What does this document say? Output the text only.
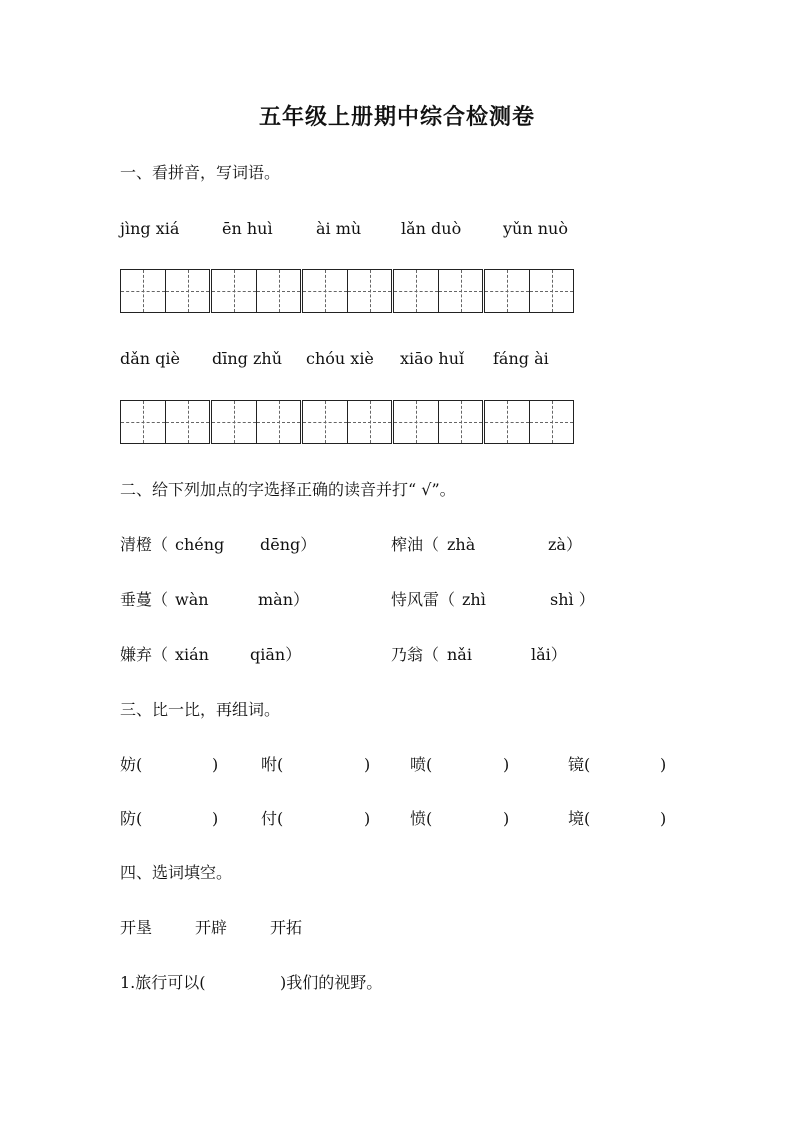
五年级上册期中综合检测卷
一、看拼音，写词语。
jìng xiá	ēn huì	ài mù lǎn duò	yǔn nuò
dǎn qiè dīng zhǔ chóu xiè xiāo huǐ fáng ài
二、给下列加点的字选择正确的读音并打“ √”。
清橙（ chéng dēng）	榨油（ zhà	zà）
垂蔓（ wàn	màn）	恃风雷（ zhì	shì ）
嫌弃（ xián	qiān）	乃翁（ nǎi	lǎi）
三、比一比，再组词。
妨(	)	咐(	) 喷(	)	镜(	)
防(	)	付(	) 愤(	)	境(	)
四、选词填空。
开垦	开辟	开拓
1.旅行可以(	)我们的视野。
